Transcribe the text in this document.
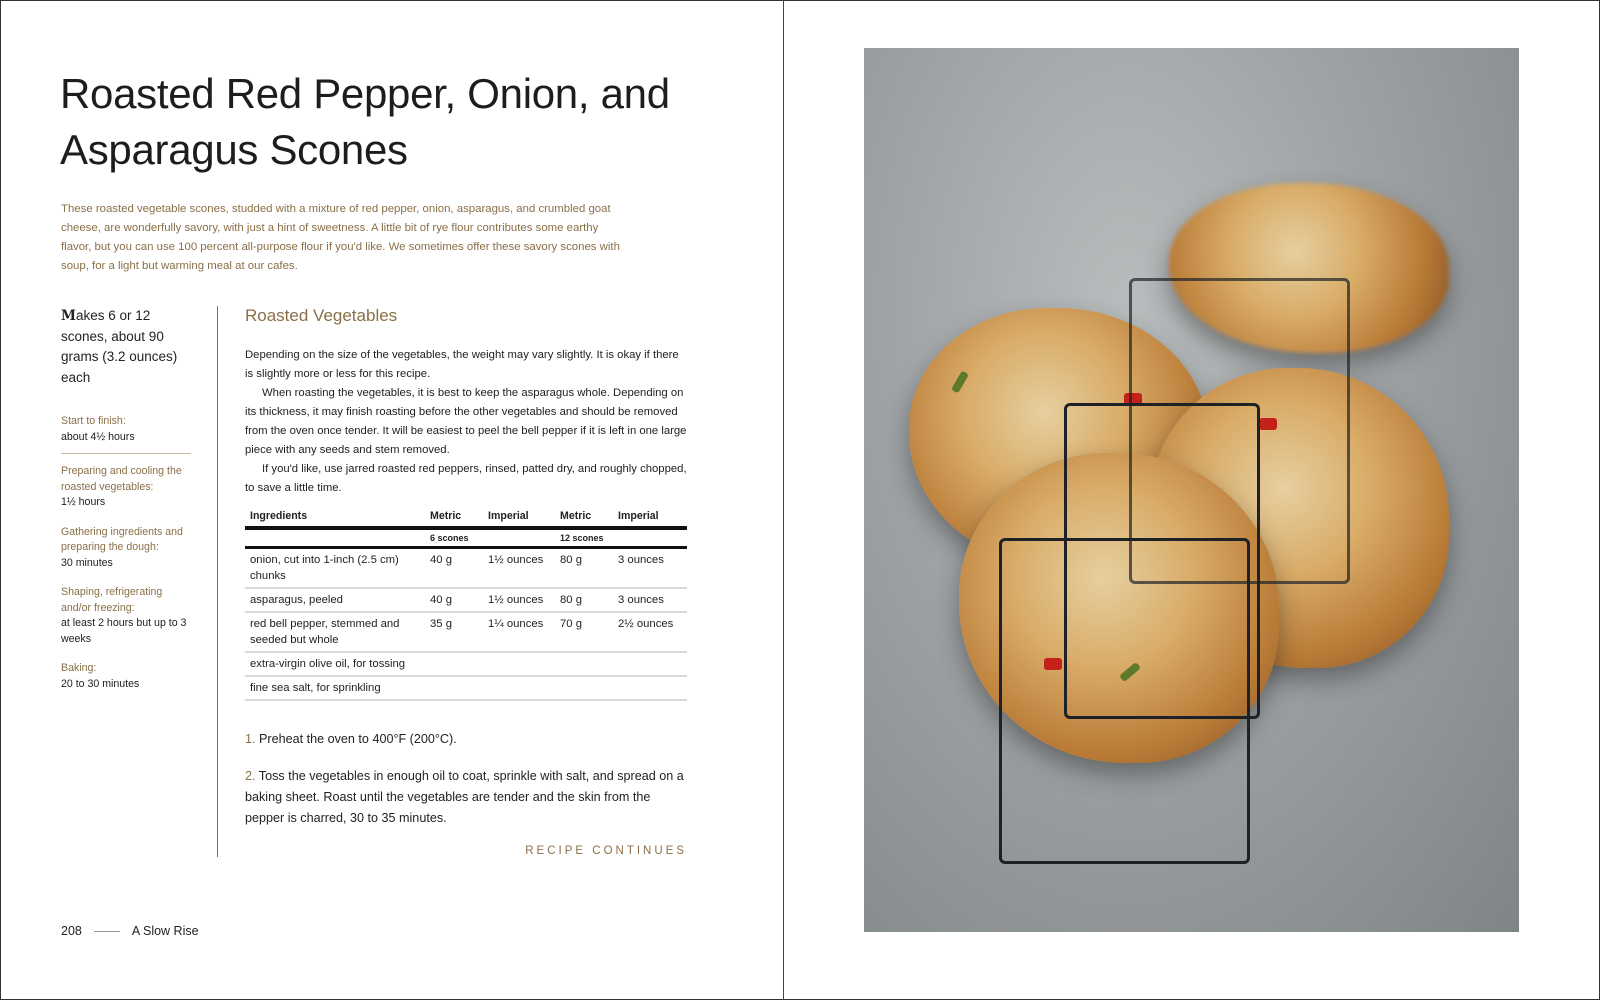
Roasted Red Pepper, Onion, and Asparagus Scones

These roasted vegetable scones, studded with a mixture of red pepper, onion, asparagus, and crumbled goat cheese, are wonderfully savory, with just a hint of sweetness. A little bit of rye flour contributes some earthy flavor, but you can use 100 percent all-purpose flour if you'd like. We sometimes offer these savory scones with soup, for a light but warming meal at our cafes.

Makes 6 or 12 scones, about 90 grams (3.2 ounces) each
Start to finish:
about 4½ hours
Preparing and cooling the roasted vegetables:
1½ hours
Gathering ingredients and preparing the dough:
30 minutes
Shaping, refrigerating and/or freezing:
at least 2 hours but up to 3 weeks
Baking:
20 to 30 minutes
Roasted Vegetables
Depending on the size of the vegetables, the weight may vary slightly. It is okay if there is slightly more or less for this recipe.
When roasting the vegetables, it is best to keep the asparagus whole. Depending on its thickness, it may finish roasting before the other vegetables and should be removed from the oven once tender. It will be easiest to peel the bell pepper if it is left in one large piece with any seeds and stem removed.
If you'd like, use jarred roasted red peppers, rinsed, patted dry, and roughly chopped, to save a little time.
Ingredients	Metric	Imperial	Metric	Imperial
	6 scones		12 scones	
onion, cut into 1-inch (2.5 cm) chunks	40 g	1½ ounces	80 g	3 ounces
asparagus, peeled	40 g	1½ ounces	80 g	3 ounces
red bell pepper, stemmed and seeded but whole	35 g	1¼ ounces	70 g	2½ ounces
extra-virgin olive oil, for tossing				
fine sea salt, for sprinkling				
1. Preheat the oven to 400°F (200°C).
2. Toss the vegetables in enough oil to coat, sprinkle with salt, and spread on a baking sheet. Roast until the vegetables are tender and the skin from the pepper is charred, 30 to 35 minutes.
RECIPE CONTINUES
208	A Slow Rise
